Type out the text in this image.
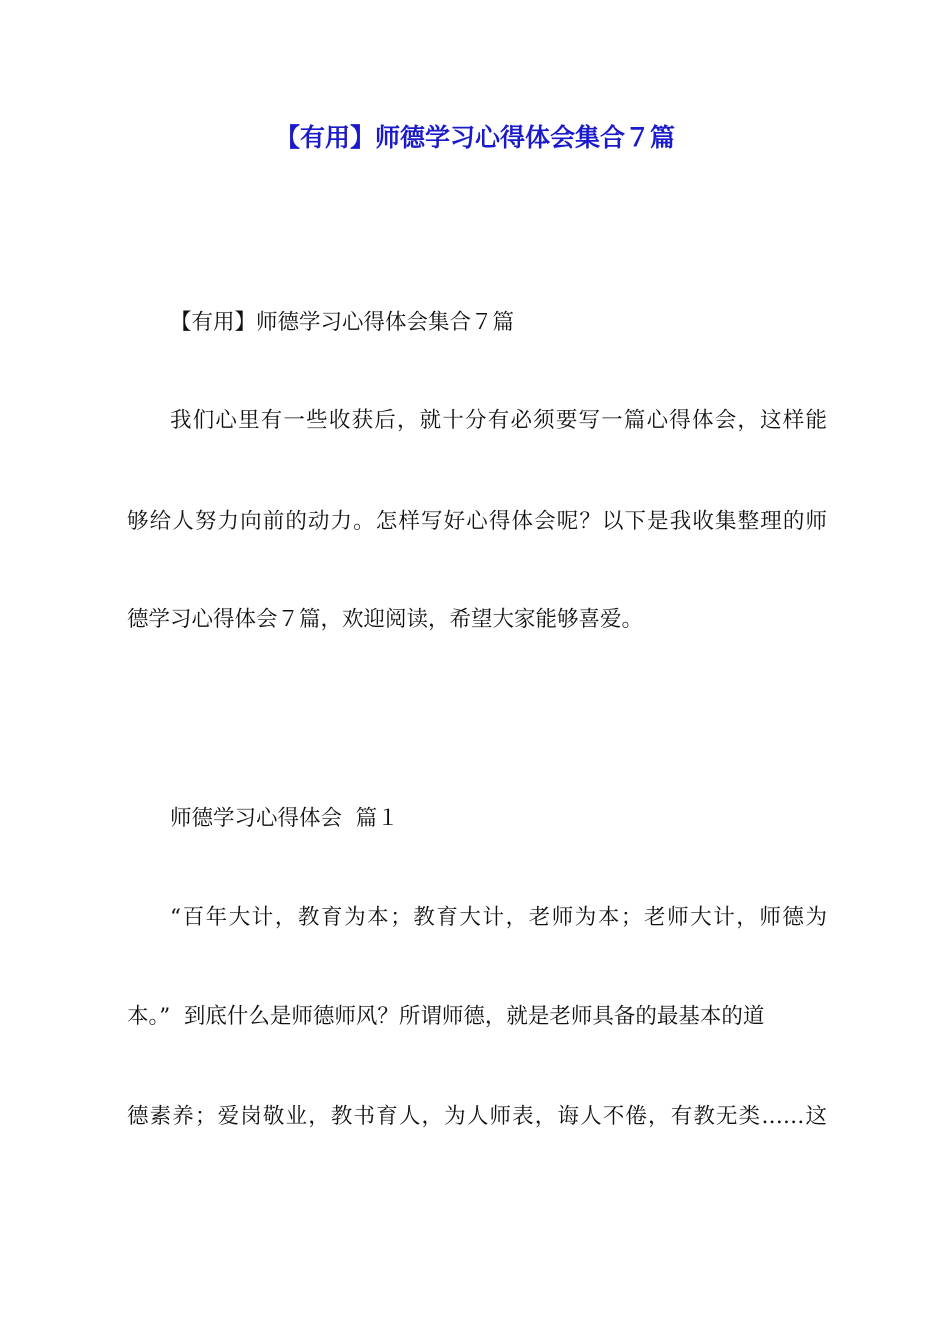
【有用】师德学习心得体会集合７篇

【有用】师德学习心得体会集合７篇

我们心里有一些收获后，就十分有必须要写一篇心得体会，这样能

够给人努力向前的动力。怎样写好心得体会呢？以下是我收集整理的师

德学习心得体会７篇，欢迎阅读，希望大家能够喜爱。

师德学习心得体会  篇１

“百年大计，教育为本；教育大计，老师为本；老师大计，师德为

本。”  到底什么是师德师风？所谓师德，就是老师具备的最基本的道

德素养；爱岗敬业，教书育人，为人师表，诲人不倦，有教无类……这
